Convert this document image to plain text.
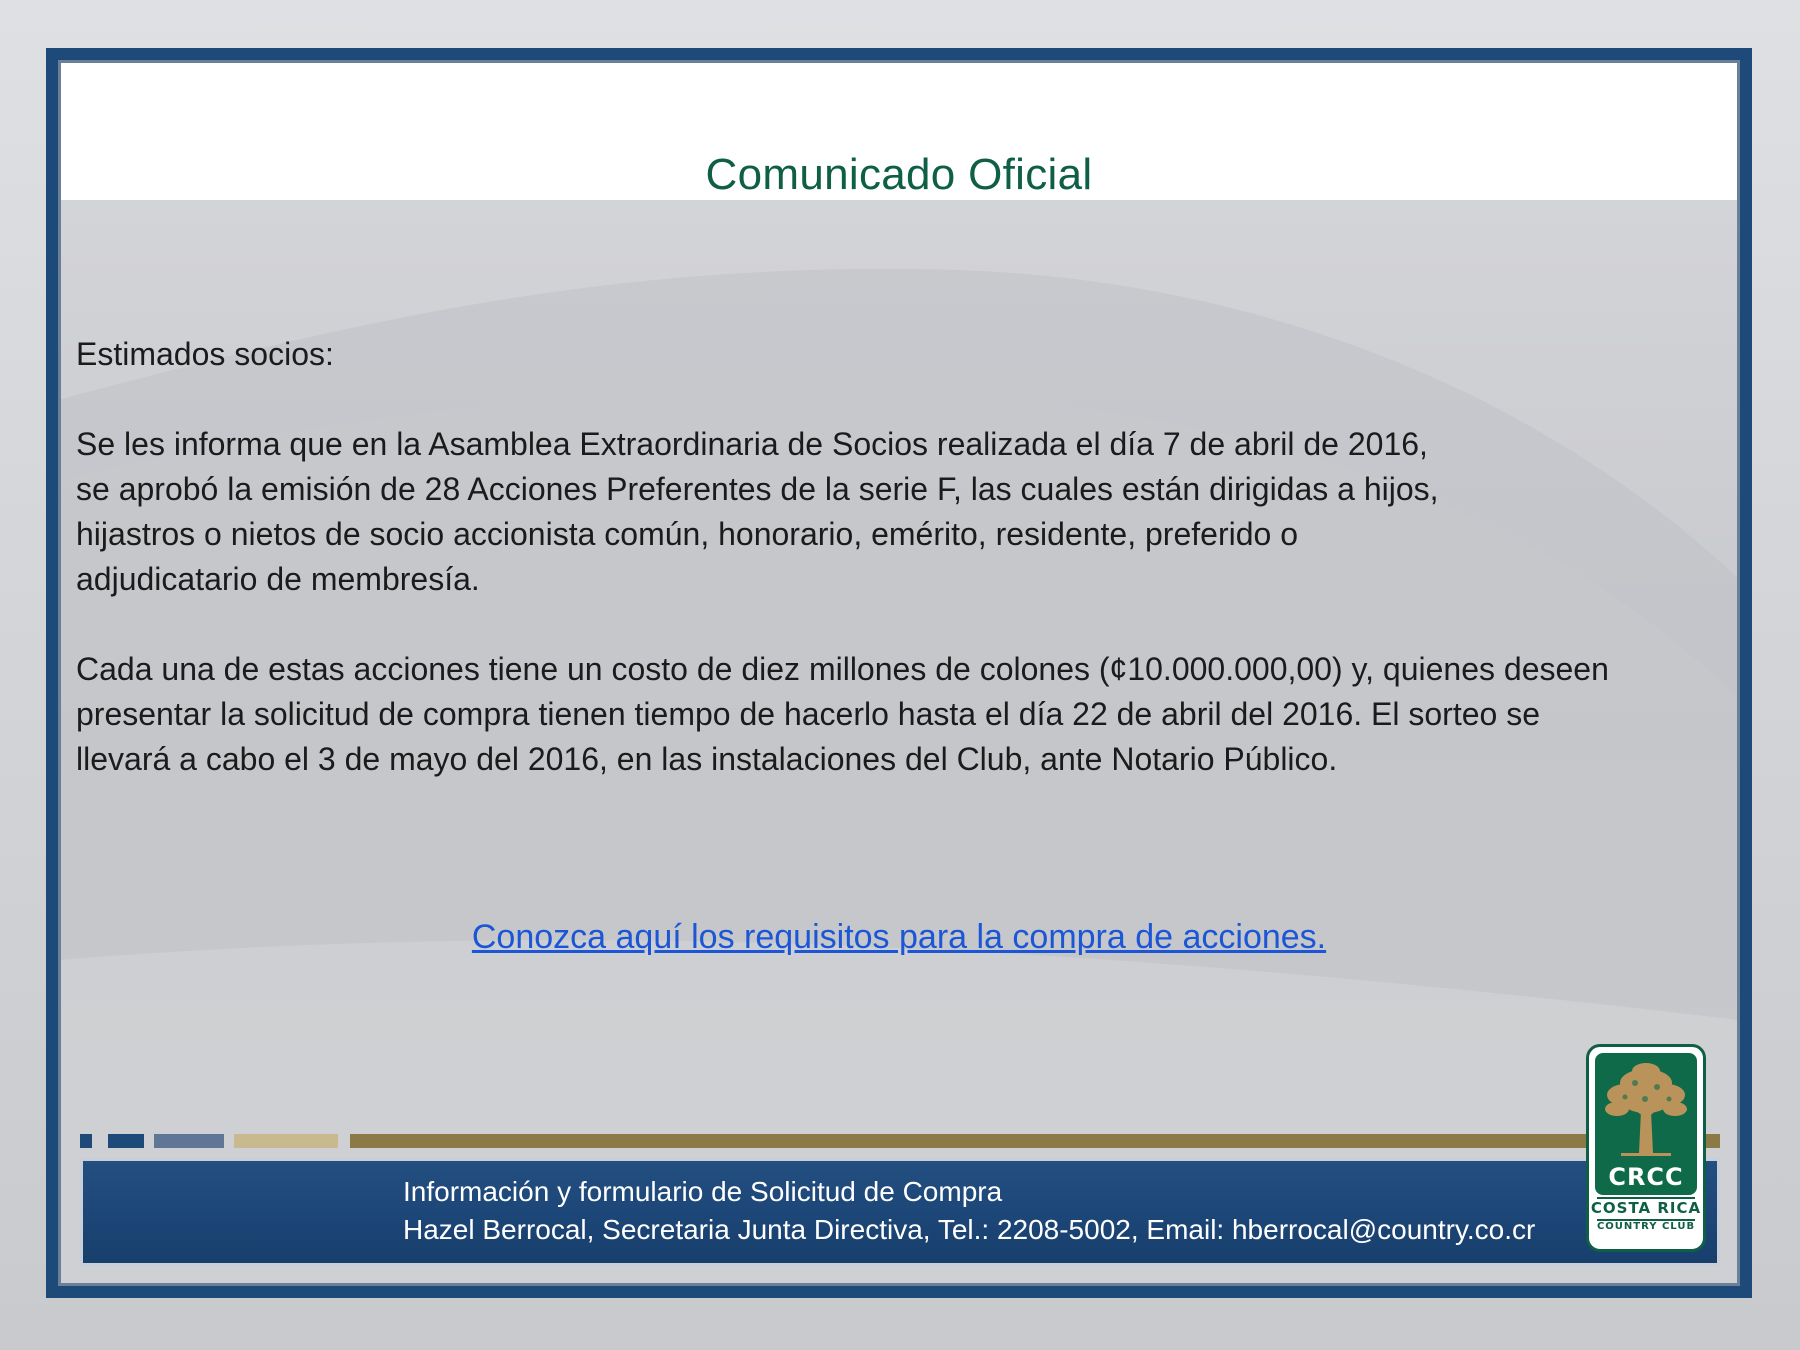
Comunicado Oficial

Estimados socios:

Se les informa que en la Asamblea Extraordinaria de Socios realizada el día 7 de abril de 2016,
se aprobó la emisión de 28 Acciones Preferentes de la serie F, las cuales están dirigidas a hijos,
hijastros o nietos de socio accionista común, honorario, emérito, residente, preferido o
adjudicatario de membresía.

Cada una de estas acciones tiene un costo de diez millones de colones (¢10.000.000,00) y, quienes deseen
presentar la solicitud de compra tienen tiempo de hacerlo hasta el día 22 de abril del 2016. El sorteo se
llevará a cabo el 3 de mayo del 2016, en las instalaciones del Club, ante Notario Público.

Conozca aquí los requisitos para la compra de acciones.
Información y formulario de Solicitud de Compra
Hazel Berrocal, Secretaria Junta Directiva, Tel.: 2208-5002, Email: hberrocal@country.co.cr
CRCC
COSTA RICA
COUNTRY CLUB
